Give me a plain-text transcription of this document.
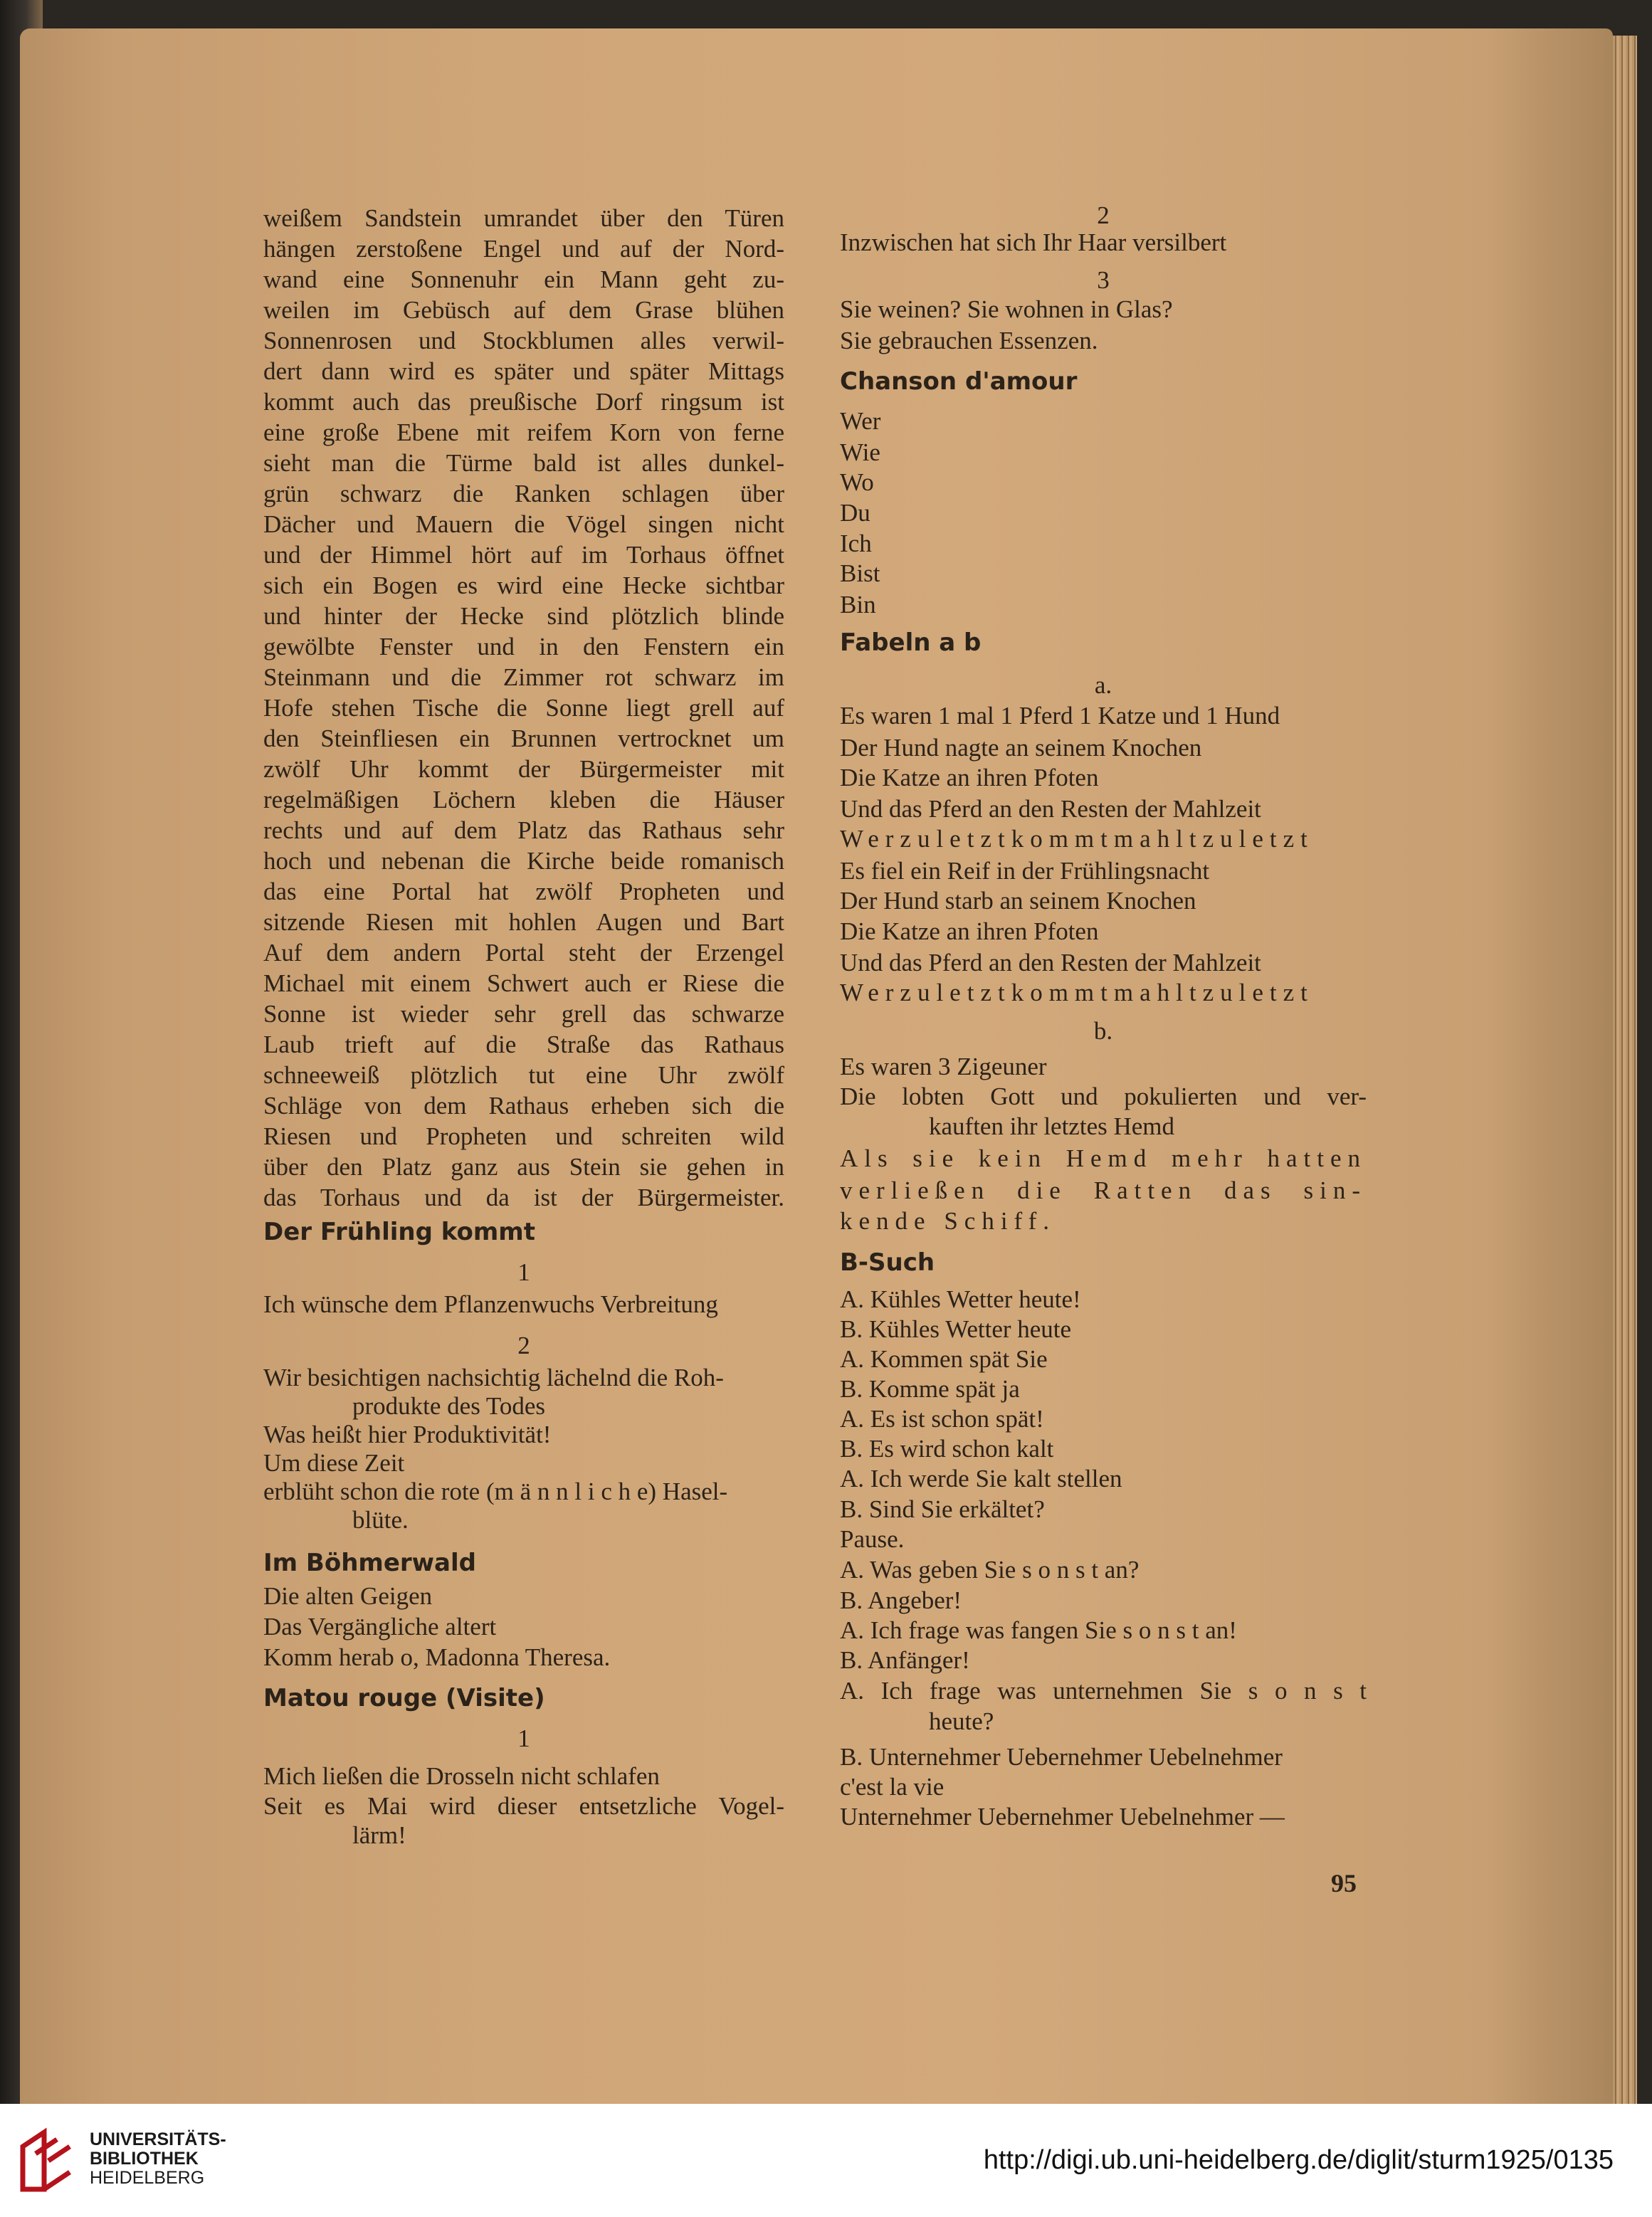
weißem Sandstein umrandet über den Türen
hängen zerstoßene Engel und auf der Nord-
wand eine Sonnenuhr ein Mann geht zu-
weilen im Gebüsch auf dem Grase blühen
Sonnenrosen und Stockblumen alles verwil-
dert dann wird es später und später Mittags
kommt auch das preußische Dorf ringsum ist
eine große Ebene mit reifem Korn von ferne
sieht man die Türme bald ist alles dunkel-
grün schwarz die Ranken schlagen über
Dächer und Mauern die Vögel singen nicht
und der Himmel hört auf im Torhaus öffnet
sich ein Bogen es wird eine Hecke sichtbar
und hinter der Hecke sind plötzlich blinde
gewölbte Fenster und in den Fenstern ein
Steinmann und die Zimmer rot schwarz im
Hofe stehen Tische die Sonne liegt grell auf
den Steinfliesen ein Brunnen vertrocknet um
zwölf Uhr kommt der Bürgermeister mit
regelmäßigen Löchern kleben die Häuser
rechts und auf dem Platz das Rathaus sehr
hoch und nebenan die Kirche beide romanisch
das eine Portal hat zwölf Propheten und
sitzende Riesen mit hohlen Augen und Bart
Auf dem andern Portal steht der Erzengel
Michael mit einem Schwert auch er Riese die
Sonne ist wieder sehr grell das schwarze
Laub trieft auf die Straße das Rathaus
schneeweiß plötzlich tut eine Uhr zwölf
Schläge von dem Rathaus erheben sich die
Riesen und Propheten und schreiten wild
über den Platz ganz aus Stein sie gehen in
das Torhaus und da ist der Bürgermeister.
Der Frühling kommt
1
Ich wünsche dem Pflanzenwuchs Verbreitung
2
Wir besichtigen nachsichtig lächelnd die Roh-
produkte des Todes
Was heißt hier Produktivität!
Um diese Zeit
erblüht schon die rote (m ä n n l i c h e) Hasel-
blüte.
Im Böhmerwald
Die alten Geigen
Das Vergängliche altert
Komm herab o, Madonna Theresa.
Matou rouge (Visite)
1
Mich ließen die Drosseln nicht schlafen
Seit es Mai wird dieser entsetzliche Vogel-
lärm!
2
Inzwischen hat sich Ihr Haar versilbert
3
Sie weinen? Sie wohnen in Glas?
Sie gebrauchen Essenzen.
Chanson d'amour
Wer
Wie
Wo
Du
Ich
Bist
Bin
Fabeln a b
a.
Es waren 1 mal 1 Pferd 1 Katze und 1 Hund
Der Hund nagte an seinem Knochen
Die Katze an ihren Pfoten
Und das Pferd an den Resten der Mahlzeit
Werzuletztkommtmahltzuletzt
Es fiel ein Reif in der Frühlingsnacht
Der Hund starb an seinem Knochen
Die Katze an ihren Pfoten
Und das Pferd an den Resten der Mahlzeit
Werzuletztkommtmahltzuletzt
b.
Es waren 3 Zigeuner
Die lobten Gott und pokulierten und ver-
kauften ihr letztes Hemd
Als sie kein Hemd mehr hatten
verließen die Ratten das sin-
kende Schiff.
B-Such
A. Kühles Wetter heute!
B. Kühles Wetter heute
A. Kommen spät Sie
B. Komme spät ja
A. Es ist schon spät!
B. Es wird schon kalt
A. Ich werde Sie kalt stellen
B. Sind Sie erkältet?
Pause.
A. Was geben Sie s o n s t an?
B. Angeber!
A. Ich frage was fangen Sie s o n s t an!
B. Anfänger!
A. Ich frage was unternehmen Sie s o n s t
heute?
B. Unternehmer Uebernehmer Uebelnehmer
c'est la vie
Unternehmer Uebernehmer Uebelnehmer —
95
UNIVERSITÄTS-
BIBLIOTHEK
HEIDELBERG
http://digi.ub.uni-heidelberg.de/diglit/sturm1925/0135
